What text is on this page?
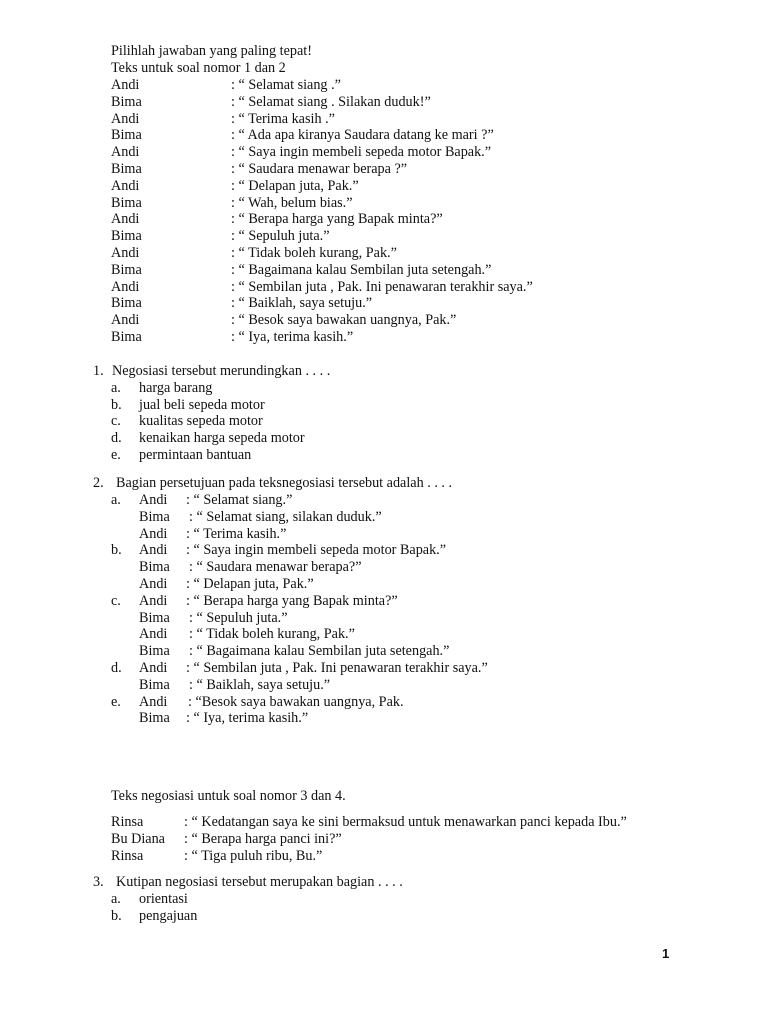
Pilihlah jawaban yang paling tepat!
Teks untuk soal nomor 1 dan 2
Andi	: “ Selamat siang .”
Bima	: “ Selamat siang . Silakan duduk!”
Andi	: “ Terima kasih .”
Bima	: “ Ada apa kiranya Saudara datang ke mari ?”
Andi	: “ Saya ingin membeli sepeda motor Bapak.”
Bima	: “ Saudara menawar berapa ?”
Andi	: “ Delapan juta, Pak.”
Bima	: “ Wah, belum bias.”
Andi	: “ Berapa harga yang Bapak minta?”
Bima	: “ Sepuluh juta.”
Andi	: “ Tidak boleh kurang, Pak.”
Bima	: “ Bagaimana kalau Sembilan juta setengah.”
Andi	: “ Sembilan juta , Pak. Ini penawaran terakhir saya.”
Bima	: “ Baiklah, saya setuju.”
Andi	: “ Besok saya bawakan uangnya, Pak.”
Bima	: “ Iya, terima kasih.”
1. Negosiasi tersebut merundingkan . . . .
a. harga barang
b. jual beli sepeda motor
c. kualitas sepeda motor
d. kenaikan harga sepeda motor
e. permintaan bantuan
2. Bagian persetujuan pada teksnegosiasi tersebut adalah . . . .
a. Andi : “ Selamat siang.”
Bima : “ Selamat siang, silakan duduk.”
Andi : “ Terima kasih.”
b. Andi : “ Saya ingin membeli sepeda motor Bapak.”
Bima : “ Saudara menawar berapa?”
Andi : “ Delapan juta, Pak.”
c. Andi : “ Berapa harga yang Bapak minta?”
Bima : “ Sepuluh juta.”
Andi : “ Tidak boleh kurang, Pak.”
Bima : “ Bagaimana kalau Sembilan juta setengah.”
d. Andi : “ Sembilan juta , Pak. Ini penawaran terakhir saya.”
Bima : “ Baiklah, saya setuju.”
e. Andi : “Besok saya bawakan uangnya, Pak.
Bima : “ Iya, terima kasih.”
Teks negosiasi untuk soal nomor 3 dan 4.
Rinsa	: “ Kedatangan saya ke sini bermaksud untuk menawarkan panci kepada Ibu.”
Bu Diana : “ Berapa harga panci ini?”
Rinsa	: “ Tiga puluh ribu, Bu.”
3. Kutipan negosiasi tersebut merupakan bagian . . . .
a. orientasi
b. pengajuan
1
